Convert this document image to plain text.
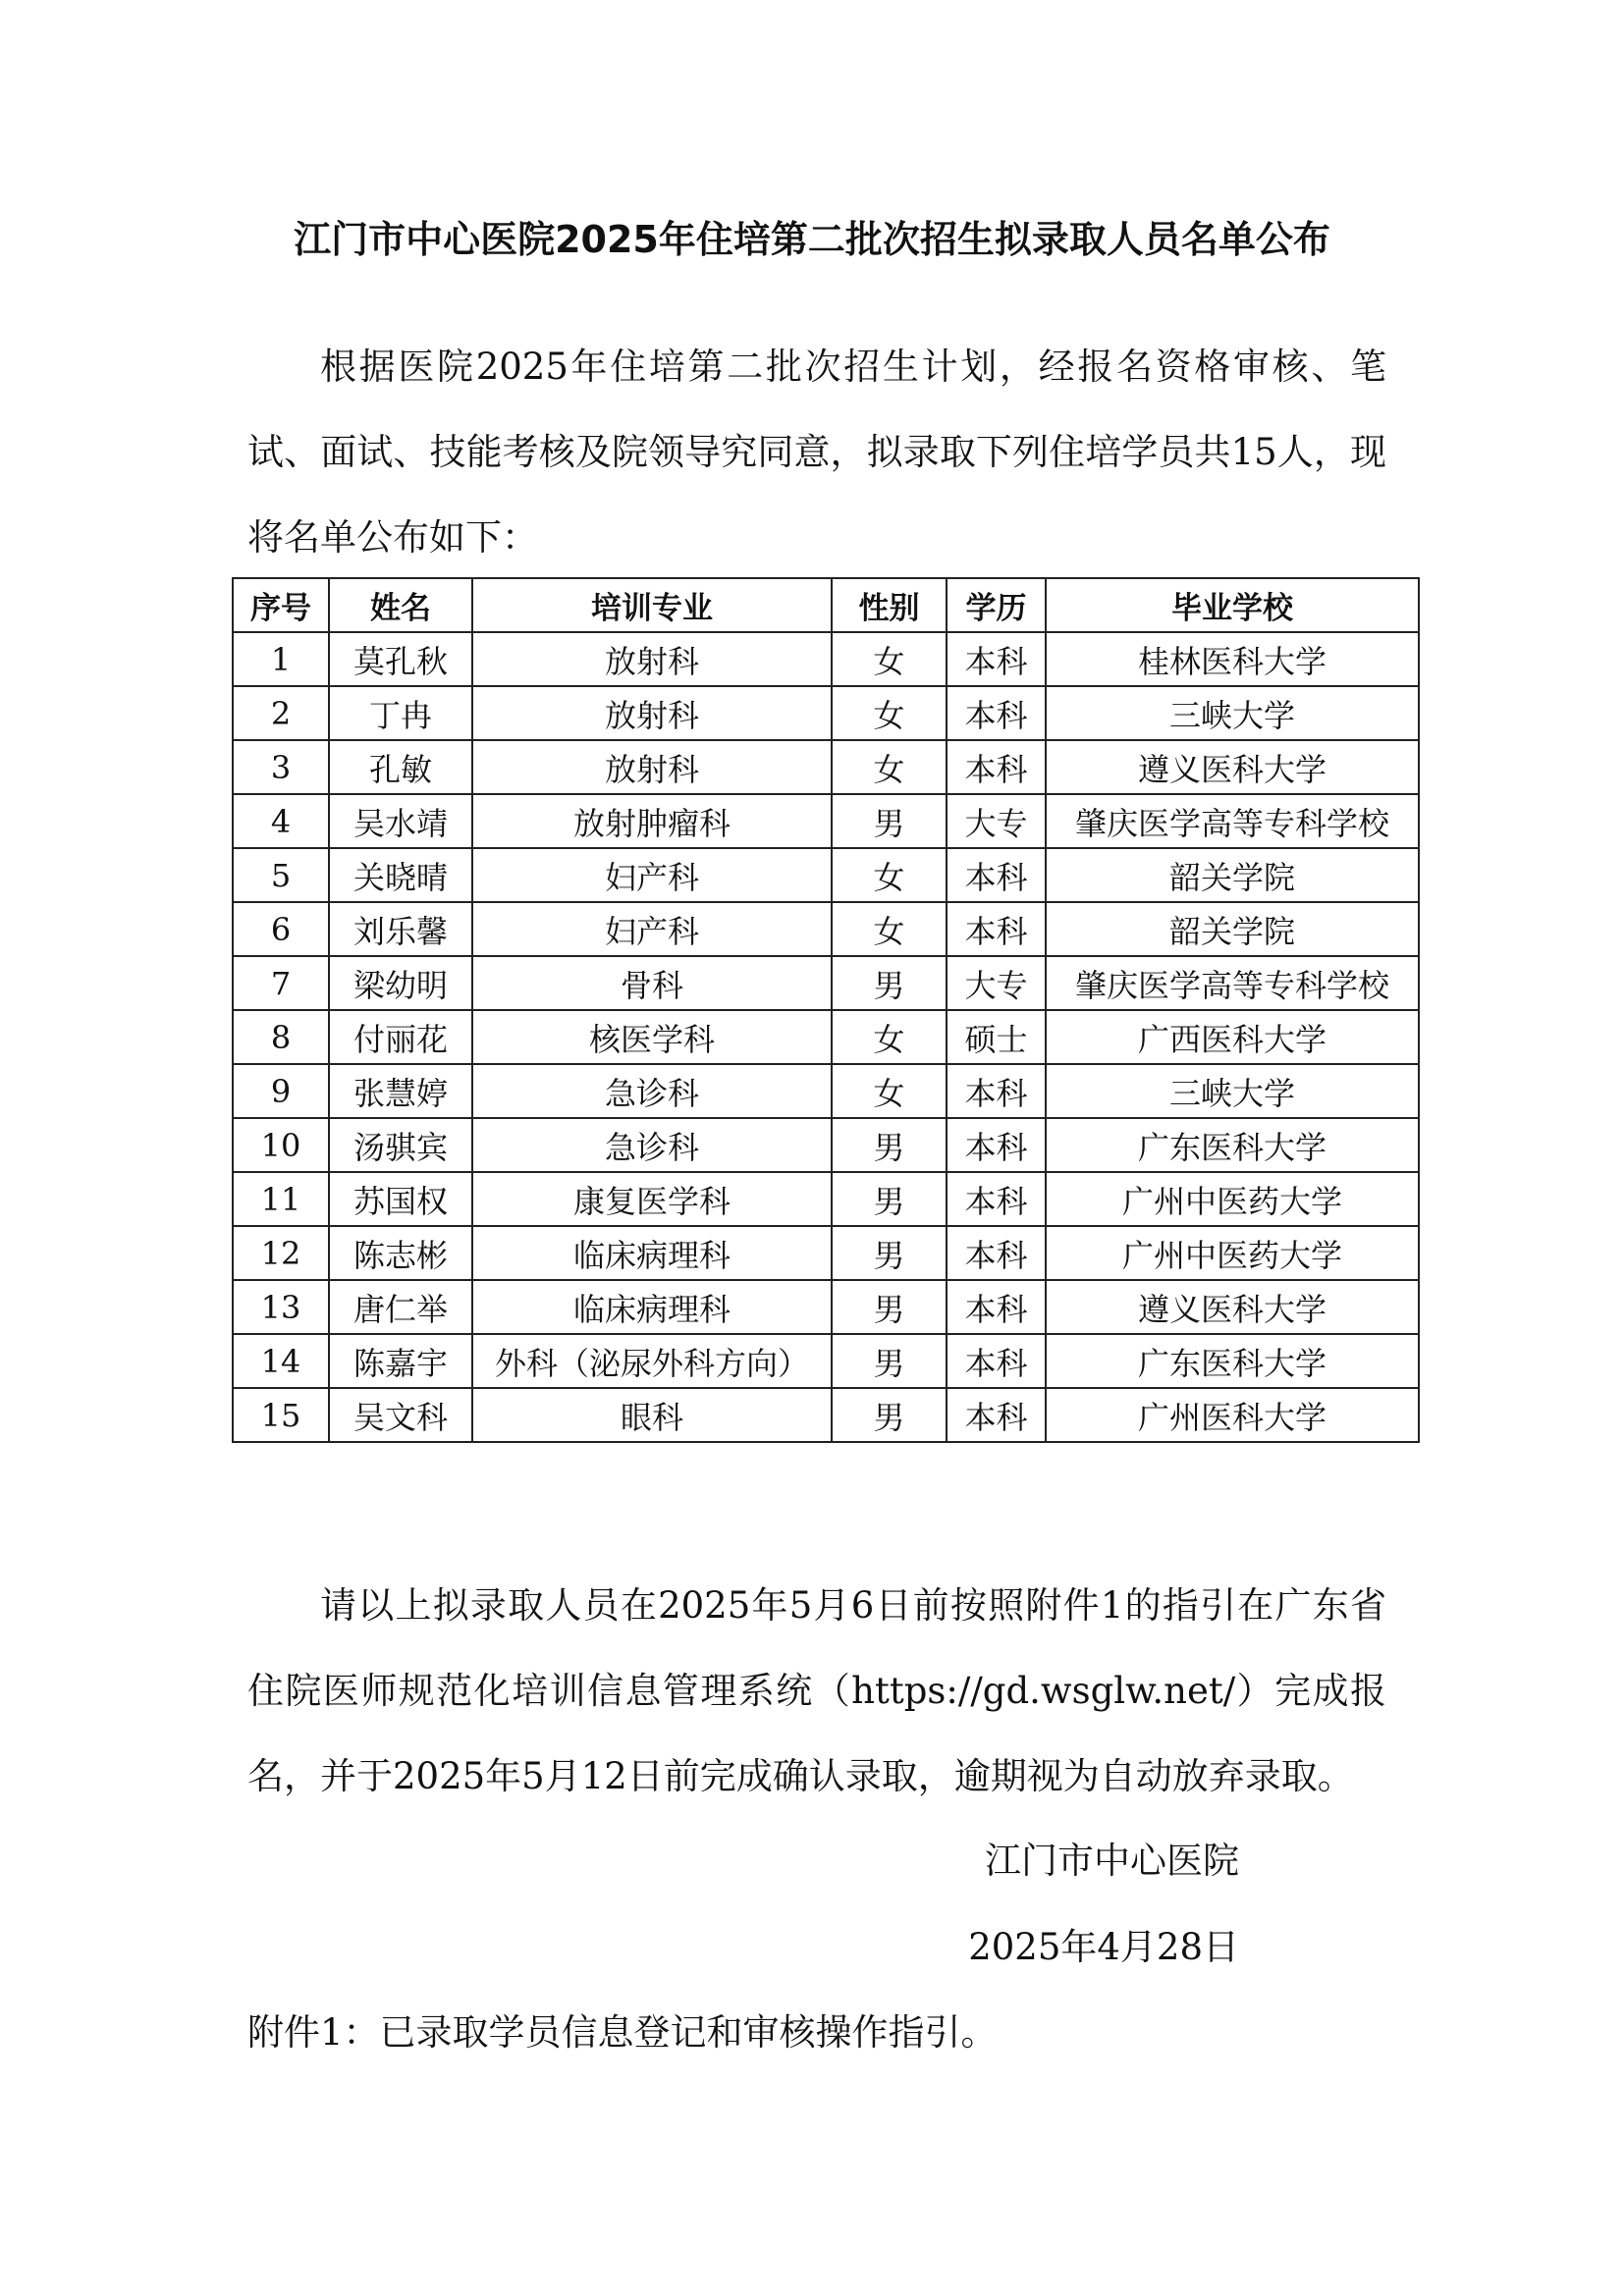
江门市中心医院2025年住培第二批次招生拟录取人员名单公布

根据医院2025年住培第二批次招生计划，经报名资格审核、笔试、面试、技能考核及院领导究同意，拟录取下列住培学员共15人，现将名单公布如下：

序号	姓名	培训专业	性别	学历	毕业学校
1	莫孔秋	放射科	女	本科	桂林医科大学
2	丁冉	放射科	女	本科	三峡大学
3	孔敏	放射科	女	本科	遵义医科大学
4	吴水靖	放射肿瘤科	男	大专	肇庆医学高等专科学校
5	关晓晴	妇产科	女	本科	韶关学院
6	刘乐馨	妇产科	女	本科	韶关学院
7	梁幼明	骨科	男	大专	肇庆医学高等专科学校
8	付丽花	核医学科	女	硕士	广西医科大学
9	张慧婷	急诊科	女	本科	三峡大学
10	汤骐宾	急诊科	男	本科	广东医科大学
11	苏国权	康复医学科	男	本科	广州中医药大学
12	陈志彬	临床病理科	男	本科	广州中医药大学
13	唐仁举	临床病理科	男	本科	遵义医科大学
14	陈嘉宇	外科（泌尿外科方向）	男	本科	广东医科大学
15	吴文科	眼科	男	本科	广州医科大学

请以上拟录取人员在2025年5月6日前按照附件1的指引在广东省住院医师规范化培训信息管理系统（https://gd.wsglw.net/）完成报名，并于2025年5月12日前完成确认录取，逾期视为自动放弃录取。

江门市中心医院

2025年4月28日

附件1：已录取学员信息登记和审核操作指引。
